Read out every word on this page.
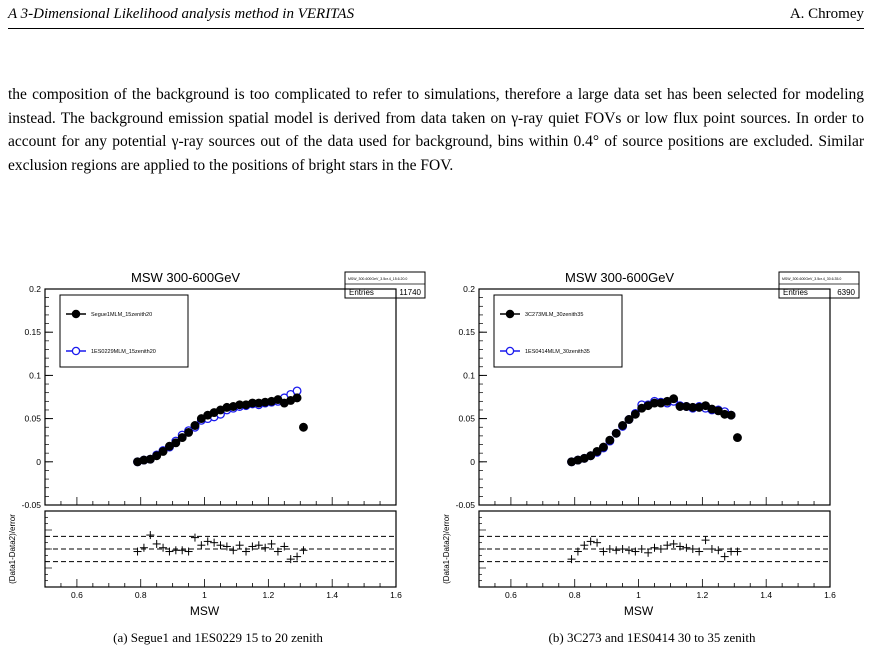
A 3-Dimensional Likelihood analysis method in VERITAS	A. Chromey

the composition of the background is too complicated to refer to simulations, therefore a large data set has been selected for modeling instead. The background emission spatial model is derived from data taken on γ-ray quiet FOVs or low flux point sources. In order to account for any potential γ-ray sources out of the data used for background, bins within 0.4° of source positions are excluded. Similar exclusion regions are applied to the positions of bright stars in the FOV.

MSW 300-600GeV	MSW_300-600GeV_3.5cr.4_15.6.20.0
Entries	11740
-0.05
0
0.05
0.1
0.15
0.2
Segue1MLM_15zenith20
1ES0229MLM_15zenith20
0.6	0.8	1	1.2	1.4	1.6
MSW
(Data1-Data2)/error
MSW 300-600GeV	MSW_300-600GeV_3.5cr.4_30.6.35.0
Entries	6390
-0.05
0
0.05
0.1
0.15
0.2
3C273MLM_30zenith35
1ES0414MLM_30zenith35
0.6	0.8	1	1.2	1.4	1.6
MSW
(Data1-Data2)/error
(a) Segue1 and 1ES0229 15 to 20 zenith	(b) 3C273 and 1ES0414 30 to 35 zenith
